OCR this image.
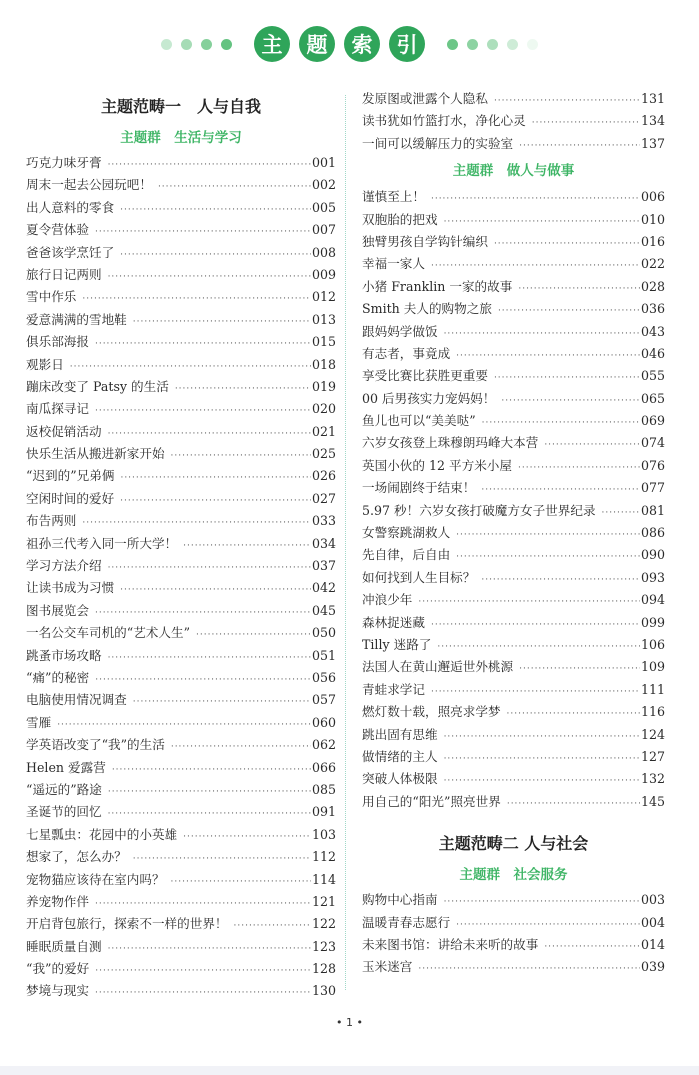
主	题	索	引
主题范畴一　人与自我
主题群　生活与学习
巧克力味牙膏 ·····	001
周末一起去公园玩吧！ ·····	002
出人意料的零食 ·····	005
夏令营体验 ·····	007
爸爸该学烹饪了 ·····	008
旅行日记两则 ·····	009
雪中作乐 ·····	012
爱意满满的雪地鞋 ·····	013
俱乐部海报 ·····	015
观影日 ·····	018
蹦床改变了 Patsy 的生活 ·····	019
南瓜探寻记 ·····	020
返校促销活动 ·····	021
快乐生活从搬进新家开始 ·····	025
“迟到的”兄弟俩 ·····	026
空闲时间的爱好 ·····	027
布告两则 ·····	033
祖孙三代考入同一所大学！ ·····	034
学习方法介绍 ·····	037
让读书成为习惯 ·····	042
图书展览会 ·····	045
一名公交车司机的“艺术人生” ·····	050
跳蚤市场攻略 ·····	051
“痛”的秘密 ·····	056
电脑使用情况调查 ·····	057
雪雁 ·····	060
学英语改变了“我”的生活 ·····	062
Helen 爱露营 ·····	066
“遥远的”路途 ·····	085
圣诞节的回忆 ·····	091
七星瓢虫：花园中的小英雄 ·····	103
想家了，怎么办？ ·····	112
宠物猫应该待在室内吗？ ·····	114
养宠物作伴 ·····	121
开启背包旅行，探索不一样的世界！ ·····	122
睡眠质量自测 ·····	123
“我”的爱好 ·····	128
梦境与现实 ·····	130
发原图或泄露个人隐私 ·····	131
读书犹如竹篮打水，净化心灵 ·····	134
一间可以缓解压力的实验室 ·····	137
主题群　做人与做事
谨慎至上！ ·····	006
双胞胎的把戏 ·····	010
独臂男孩自学钩针编织 ·····	016
幸福一家人 ·····	022
小猪 Franklin 一家的故事 ·····	028
Smith 夫人的购物之旅 ·····	036
跟妈妈学做饭 ·····	043
有志者，事竟成 ·····	046
享受比赛比获胜更重要 ·····	055
00 后男孩实力宠妈妈！ ·····	065
鱼儿也可以“美美哒” ·····	069
六岁女孩登上珠穆朗玛峰大本营 ·····	074
英国小伙的 12 平方米小屋 ·····	076
一场闹剧终于结束！ ·····	077
5.97 秒！六岁女孩打破魔方女子世界纪录 ·····	081
女警察跳湖救人 ·····	086
先自律，后自由 ·····	090
如何找到人生目标？ ·····	093
冲浪少年 ·····	094
森林捉迷藏 ·····	099
Tilly 迷路了 ·····	106
法国人在黄山邂逅世外桃源 ·····	109
青蛙求学记 ·····	111
燃灯数十载，照亮求学梦 ·····	116
跳出固有思维 ·····	124
做情绪的主人 ·····	127
突破人体极限 ·····	132
用自己的“阳光”照亮世界 ·····	145
主题范畴二 人与社会
主题群　社会服务
购物中心指南 ·····	003
温暖青春志愿行 ·····	004
未来图书馆：讲给未来听的故事 ·····	014
玉米迷宫 ·····	039
• 1 •
